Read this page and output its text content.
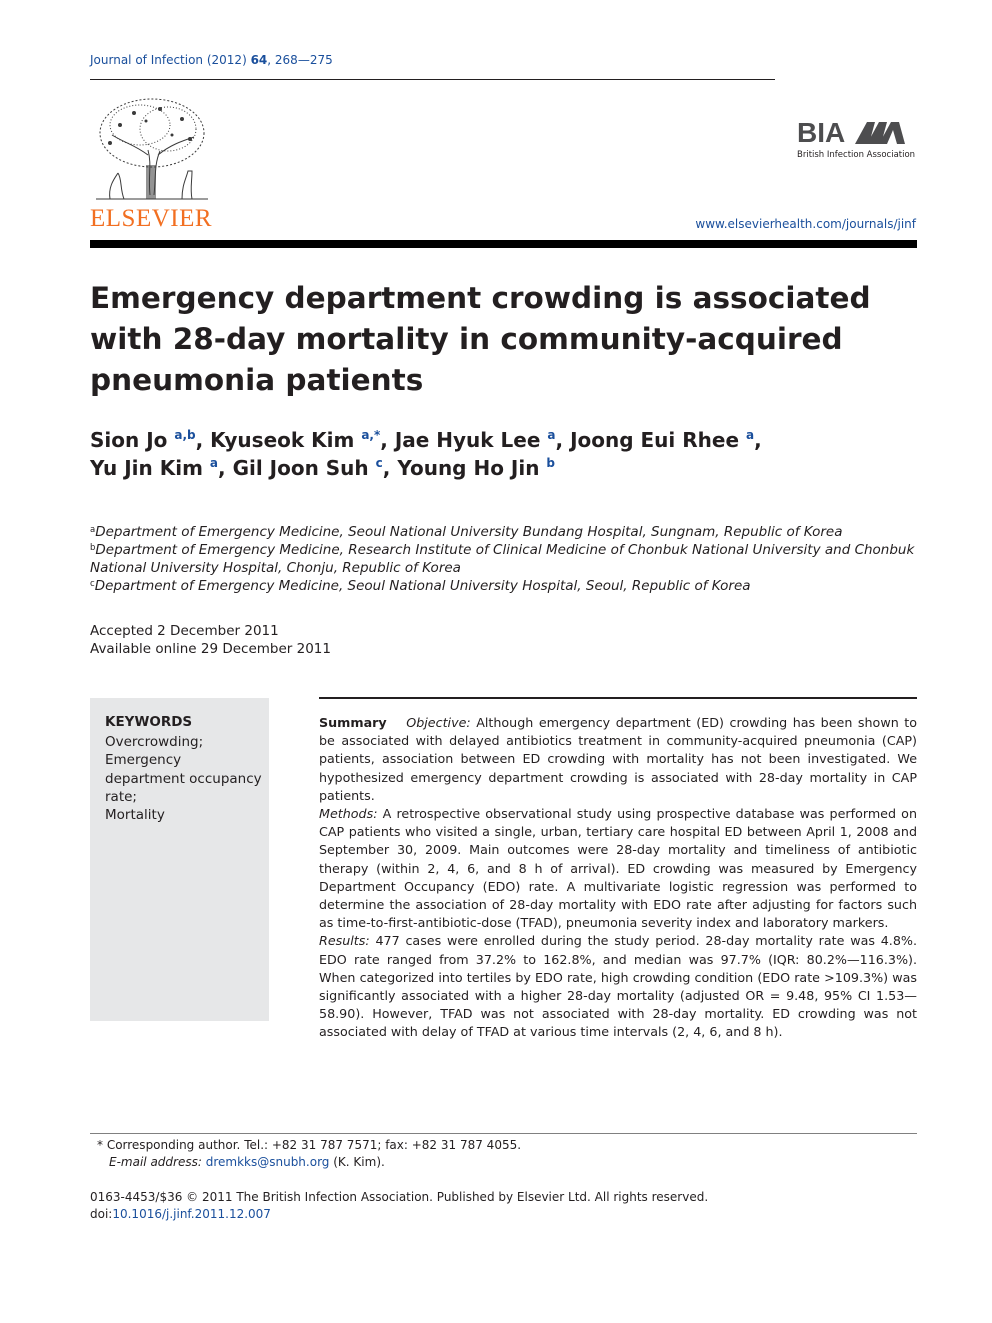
Journal of Infection (2012) 64, 268—275
ELSEVIER
BIA
British Infection Association
www.elsevierhealth.com/journals/jinf
Emergency department crowding is associated with 28-day mortality in community-acquired pneumonia patients
Sion Jo $^{a,b}$, Kyuseok Kim $^{a,*}$, Jae Hyuk Lee $^a$, Joong Eui Rhee $^a$,
Yu Jin Kim $^a$, Gil Joon Suh $^c$, Young Ho Jin $^b$
$^a$Department of Emergency Medicine, Seoul National University Bundang Hospital, Sungnam, Republic of Korea
$^b$Department of Emergency Medicine, Research Institute of Clinical Medicine of Chonbuk National University and Chonbuk National University Hospital, Chonju, Republic of Korea
$^c$Department of Emergency Medicine, Seoul National University Hospital, Seoul, Republic of Korea
Accepted 2 December 2011
Available online 29 December 2011
KEYWORDS
Overcrowding;
Emergency department occupancy rate;
Mortality

Summary Objective: Although emergency department (ED) crowding has been shown to be associated with delayed antibiotics treatment in community-acquired pneumonia (CAP) patients, association between ED crowding with mortality has not been investigated. We hypothesized emergency department crowding is associated with 28-day mortality in CAP patients.

Methods: A retrospective observational study using prospective database was performed on CAP patients who visited a single, urban, tertiary care hospital ED between April 1, 2008 and September 30, 2009. Main outcomes were 28-day mortality and timeliness of antibiotic therapy (within 2, 4, 6, and 8 h of arrival). ED crowding was measured by Emergency Department Occupancy (EDO) rate. A multivariate logistic regression was performed to determine the association of 28-day mortality with EDO rate after adjusting for factors such as time-to-first-antibiotic-dose (TFAD), pneumonia severity index and laboratory markers.

Results: 477 cases were enrolled during the study period. 28-day mortality rate was 4.8%. EDO rate ranged from 37.2% to 162.8%, and median was 97.7% (IQR: 80.2%—116.3%). When categorized into tertiles by EDO rate, high crowding condition (EDO rate >109.3%) was significantly associated with a higher 28-day mortality (adjusted OR = 9.48, 95% CI 1.53—58.90). However, TFAD was not associated with 28-day mortality. ED crowding was not associated with delay of TFAD at various time intervals (2, 4, 6, and 8 h).

* Corresponding author. Tel.: +82 31 787 7571; fax: +82 31 787 4055.
E-mail address: dremkks@snubh.org (K. Kim).
0163-4453/$36 © 2011 The British Infection Association. Published by Elsevier Ltd. All rights reserved.
doi:10.1016/j.jinf.2011.12.007
